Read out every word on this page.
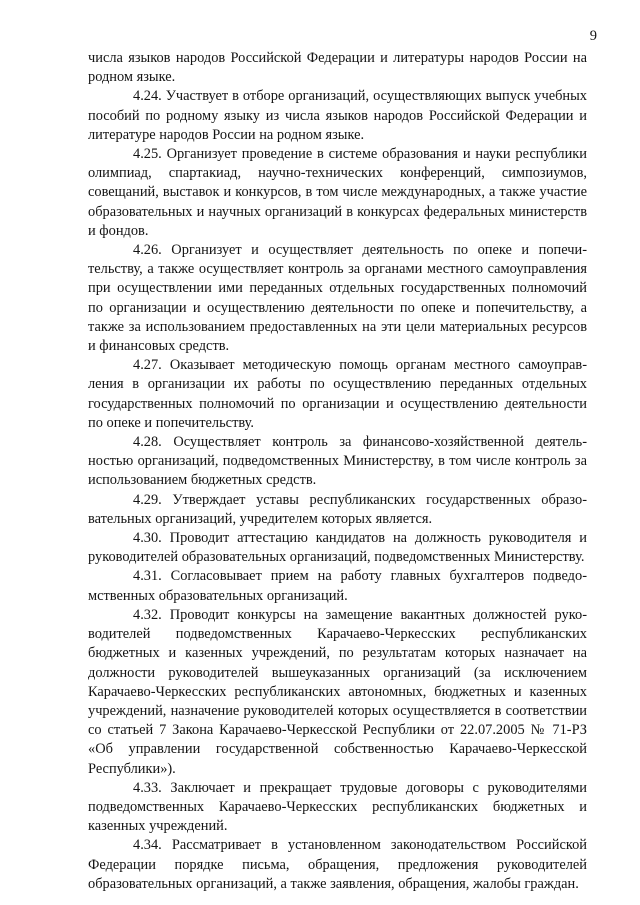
9

числа языков народов Российской Федерации и литературы народов России на родном языке.

4.24. Участвует в отборе организаций, осуществляющих выпуск учебных пособий по родному языку из числа языков народов Российской Федерации и литературе народов России на родном языке.

4.25. Организует проведение в системе образования и науки республики олимпиад, спартакиад, научно-технических конференций, симпозиумов, совещаний, выставок и конкурсов, в том числе международных, а также участие образовательных и научных организаций в конкурсах федеральных министерств и фондов.

4.26. Организует и осуществляет деятельность по опеке и попечительству, а также осуществляет контроль за органами местного самоуправления при осуществлении ими переданных отдельных государственных полномочий по организации и осуществлению деятельности по опеке и попечительству, а также за использованием предоставленных на эти цели материальных ресурсов и финансовых средств.

4.27. Оказывает методическую помощь органам местного самоуправления в организации их работы по осуществлению переданных отдельных государственных полномочий по организации и осуществлению деятельности по опеке и попечительству.

4.28. Осуществляет контроль за финансово-хозяйственной деятельностью организаций, подведомственных Министерству, в том числе контроль за использованием бюджетных средств.

4.29. Утверждает уставы республиканских государственных образовательных организаций, учредителем которых является.

4.30. Проводит аттестацию кандидатов на должность руководителя и руководителей образовательных организаций, подведомственных Министерству.

4.31. Согласовывает прием на работу главных бухгалтеров подведомственных образовательных организаций.

4.32. Проводит конкурсы на замещение вакантных должностей руководителей подведомственных Карачаево-Черкесских республиканских бюджетных и казенных учреждений, по результатам которых назначает на должности руководителей вышеуказанных организаций (за исключением Карачаево-Черкесских республиканских автономных, бюджетных и казенных учреждений, назначение руководителей которых осуществляется в соответствии со статьей 7 Закона Карачаево-Черкесской Республики от 22.07.2005 № 71-РЗ «Об управлении государственной собственностью Карачаево-Черкесской Республики»).

4.33. Заключает и прекращает трудовые договоры с руководителями подведомственных Карачаево-Черкесских республиканских бюджетных и казенных учреждений.

4.34. Рассматривает в установленном законодательством Российской Федерации порядке письма, обращения, предложения руководителей образовательных организаций, а также заявления, обращения, жалобы граждан.
